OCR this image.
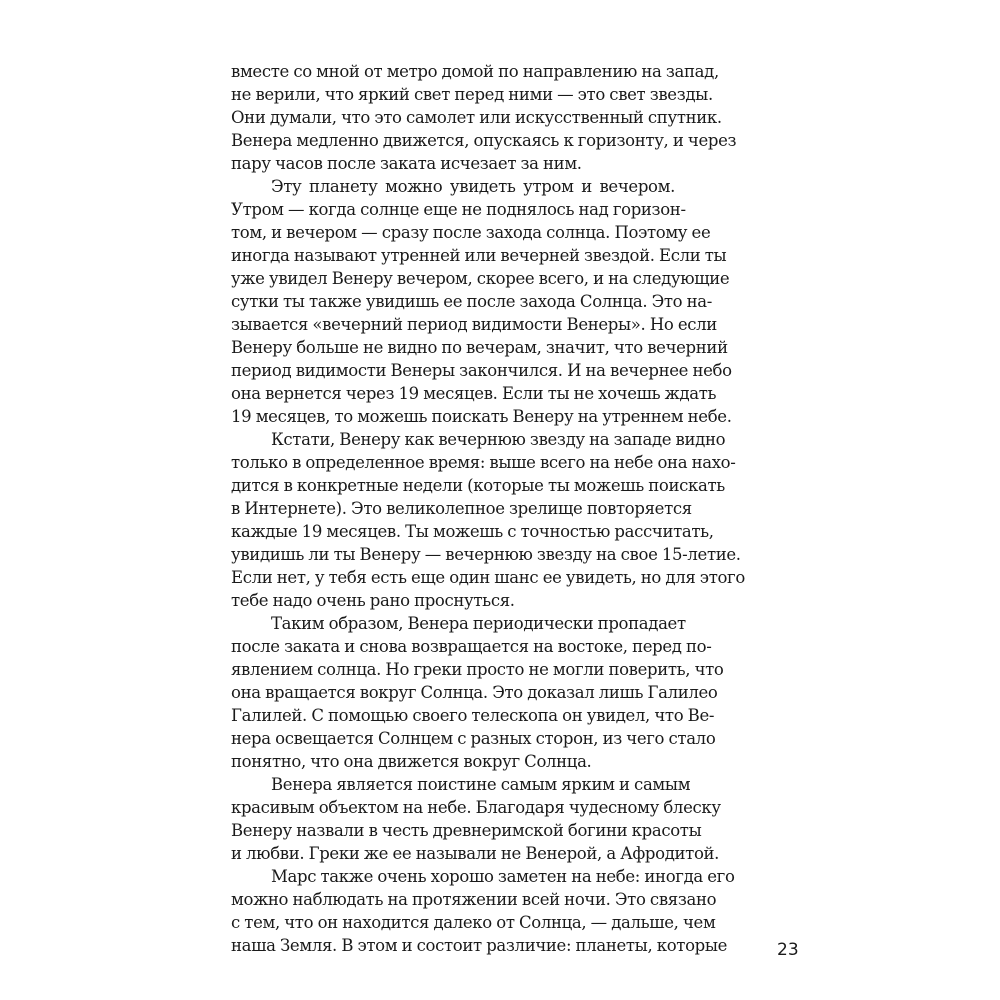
вместе со мной от метро домой по направлению на запад,
не верили, что яркий свет перед ними — это свет звезды.
Они думали, что это самолет или искусственный спутник.
Венера медленно движется, опускаясь к горизонту, и через
пару часов после заката исчезает за ним.
Эту планету можно увидеть утром и вечером.
Утром — когда солнце еще не поднялось над горизон-
том, и вечером — сразу после захода солнца. Поэтому ее
иногда называют утренней или вечерней звездой. Если ты
уже увидел Венеру вечером, скорее всего, и на следующие
сутки ты также увидишь ее после захода Солнца. Это на-
зывается «вечерний период видимости Венеры». Но если
Венеру больше не видно по вечерам, значит, что вечерний
период видимости Венеры закончился. И на вечернее небо
она вернется через 19 месяцев. Если ты не хочешь ждать
19 месяцев, то можешь поискать Венеру на утреннем небе.
Кстати, Венеру как вечернюю звезду на западе видно
только в определенное время: выше всего на небе она нахо-
дится в конкретные недели (которые ты можешь поискать
в Интернете). Это великолепное зрелище повторяется
каждые 19 месяцев. Ты можешь с точностью рассчитать,
увидишь ли ты Венеру — вечернюю звезду на свое 15-летие.
Если нет, у тебя есть еще один шанс ее увидеть, но для этого
тебе надо очень рано проснуться.
Таким образом, Венера периодически пропадает
после заката и снова возвращается на востоке, перед по-
явлением солнца. Но греки просто не могли поверить, что
она вращается вокруг Солнца. Это доказал лишь Галилео
Галилей. С помощью своего телескопа он увидел, что Ве-
нера освещается Солнцем с разных сторон, из чего стало
понятно, что она движется вокруг Солнца.
Венера является поистине самым ярким и самым
красивым объектом на небе. Благодаря чудесному блеску
Венеру назвали в честь древнеримской богини красоты
и любви. Греки же ее называли не Венерой, а Афродитой.
Марс также очень хорошо заметен на небе: иногда его
можно наблюдать на протяжении всей ночи. Это связано
с тем, что он находится далеко от Солнца, — дальше, чем
наша Земля. В этом и состоит различие: планеты, которые	23
